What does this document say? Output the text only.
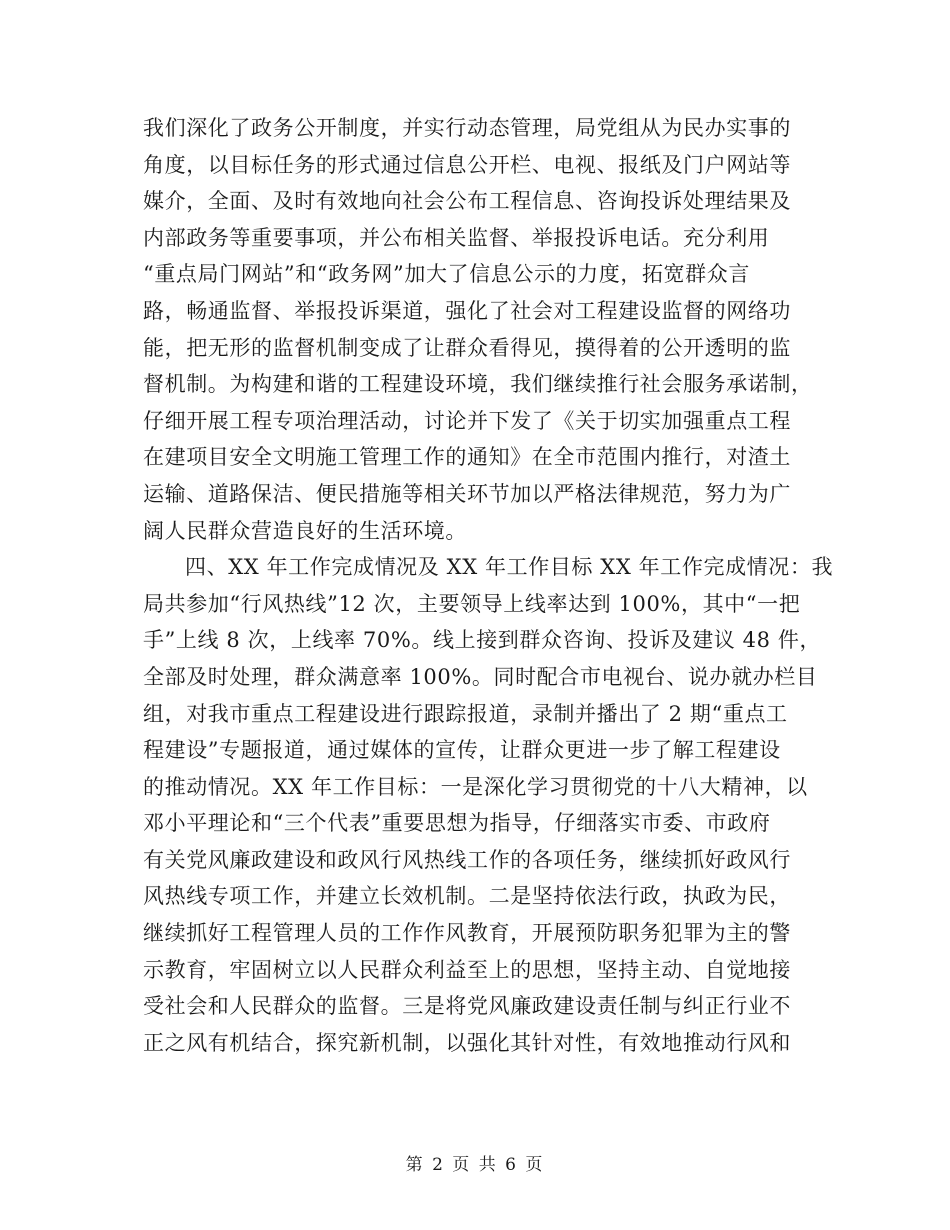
我们深化了政务公开制度，并实行动态管理，局党组从为民办实事的
角度，以目标任务的形式通过信息公开栏、电视、报纸及门户网站等
媒介，全面、及时有效地向社会公布工程信息、咨询投诉处理结果及
内部政务等重要事项，并公布相关监督、举报投诉电话。充分利用
“重点局门网站”和“政务网”加大了信息公示的力度，拓宽群众言
路，畅通监督、举报投诉渠道，强化了社会对工程建设监督的网络功
能，把无形的监督机制变成了让群众看得见，摸得着的公开透明的监
督机制。为构建和谐的工程建设环境，我们继续推行社会服务承诺制，
仔细开展工程专项治理活动，讨论并下发了《关于切实加强重点工程
在建项目安全文明施工管理工作的通知》在全市范围内推行，对渣土
运输、道路保洁、便民措施等相关环节加以严格法律规范，努力为广
阔人民群众营造良好的生活环境。
四、XX 年工作完成情况及 XX 年工作目标 XX 年工作完成情况：我
局共参加“行风热线”12 次，主要领导上线率达到 100%，其中“一把
手”上线 8 次，上线率 70%。线上接到群众咨询、投诉及建议 48 件，
全部及时处理，群众满意率 100%。同时配合市电视台、说办就办栏目
组，对我市重点工程建设进行跟踪报道，录制并播出了 2 期“重点工
程建设”专题报道，通过媒体的宣传，让群众更进一步了解工程建设
的推动情况。XX 年工作目标：一是深化学习贯彻党的十八大精神，以
邓小平理论和“三个代表”重要思想为指导，仔细落实市委、市政府
有关党风廉政建设和政风行风热线工作的各项任务，继续抓好政风行
风热线专项工作，并建立长效机制。二是坚持依法行政，执政为民，
继续抓好工程管理人员的工作作风教育，开展预防职务犯罪为主的警
示教育，牢固树立以人民群众利益至上的思想，坚持主动、自觉地接
受社会和人民群众的监督。三是将党风廉政建设责任制与纠正行业不
正之风有机结合，探究新机制，以强化其针对性，有效地推动行风和
第 2 页 共 6 页
